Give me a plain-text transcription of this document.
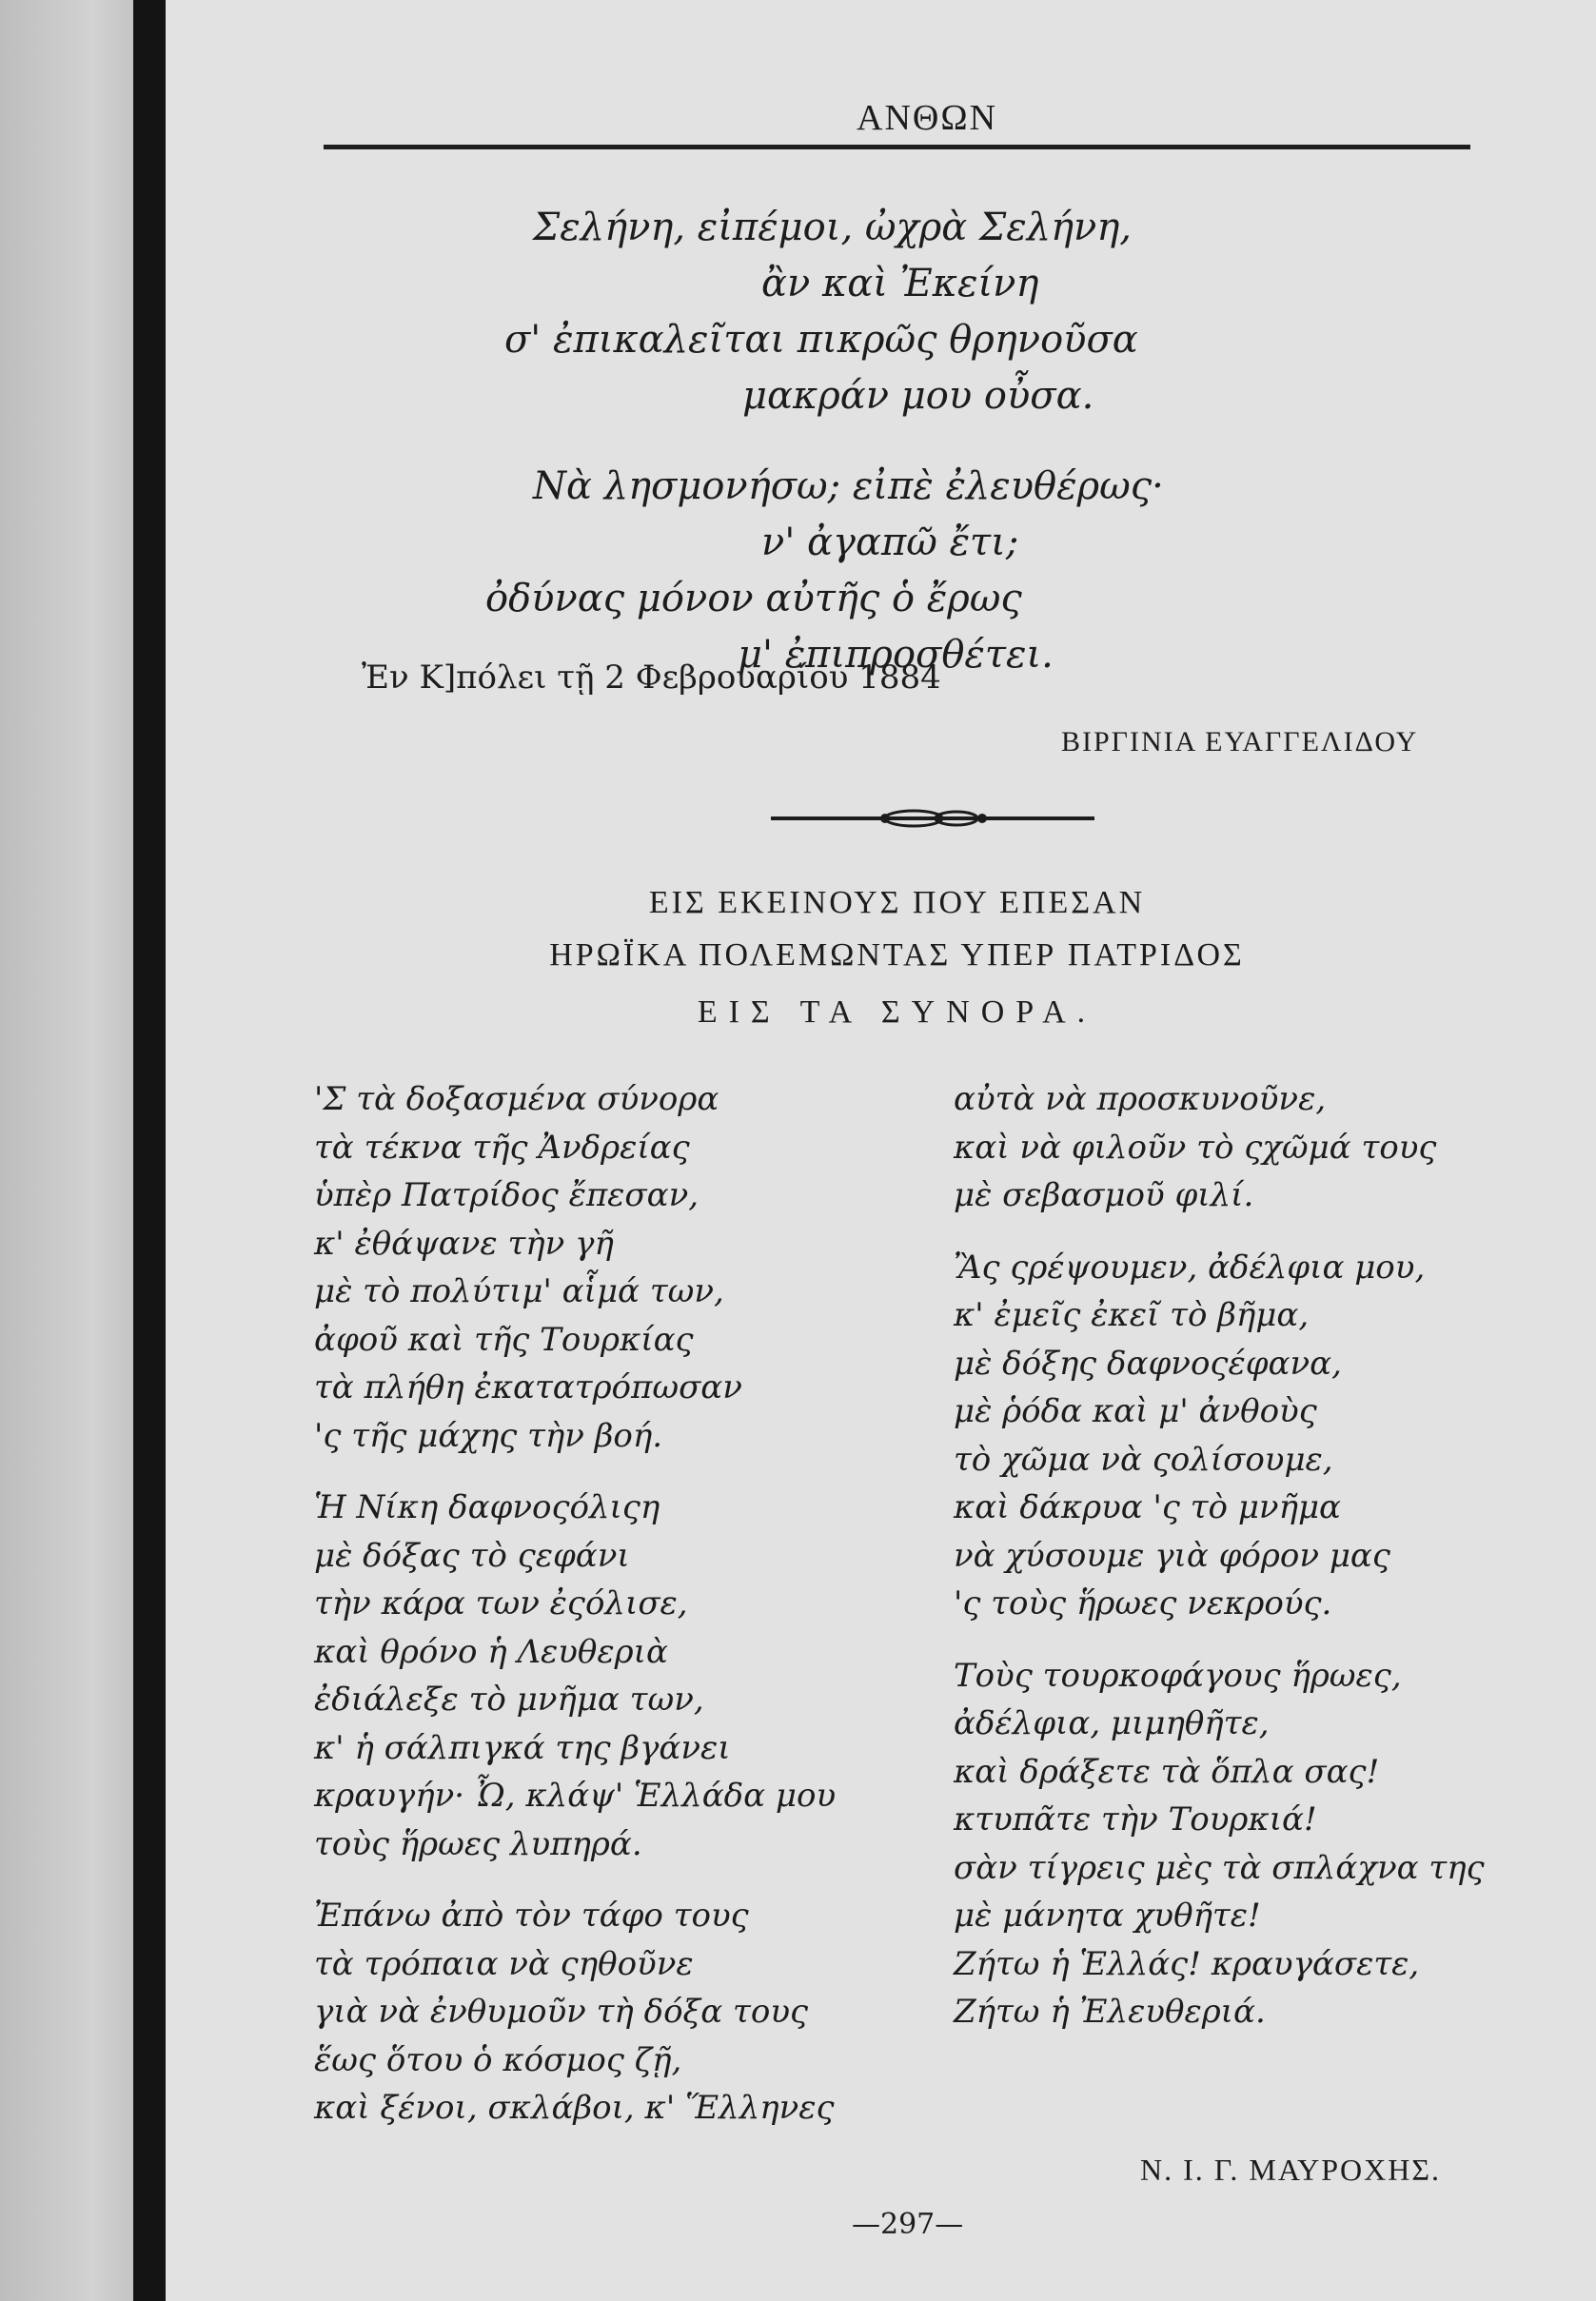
ΑΝΘΩΝ
Σελήνη, εἰπέμοι, ὠχρὰ Σελήνη,
ἂν καὶ Ἐκείνη
σ' ἐπικαλεῖται πικρῶς θρηνοῦσα
μακράν μου οὖσα.
Νὰ λησμονήσω; εἰπὲ ἐλευθέρως·
ν' ἀγαπῶ ἔτι;
ὀδύνας μόνον αὐτῆς ὁ ἔρως
μ' ἐπιπροσθέτει.
Ἐν Κ]πόλει τῇ 2 Φεβρουαρίου 1884
ΒΙΡΓΙΝΙΑ ΕΥΑΓΓΕΛΙΔΟΥ
ΕΙΣ ΕΚΕΙΝΟΥΣ ΠΟΥ ΕΠΕΣΑΝ
ΗΡΩΪΚΑ ΠΟΛΕΜΩΝΤΑΣ ΥΠΕΡ ΠΑΤΡΙΔΟΣ
ΕΙΣ ΤΑ ΣΥΝΟΡΑ.
'Σ τὰ δοξασμένα σύνορα
τὰ τέκνα τῆς Ἀνδρείας
ὑπὲρ Πατρίδος ἔπεσαν,
κ' ἐθάψανε τὴν γῆ
μὲ τὸ πολύτιμ' αἷμά των,
ἀφοῦ καὶ τῆς Τουρκίας
τὰ πλήθη ἐκατατρόπωσαν
'ς τῆς μάχης τὴν βοή.
Ἡ Νίκη δαφνοςόλιςη
μὲ δόξας τὸ ςεφάνι
τὴν κάρα των ἐςόλισε,
καὶ θρόνο ἡ Λευθεριὰ
ἐδιάλεξε τὸ μνῆμα των,
κ' ἡ σάλπιγκά της βγάνει
κραυγήν· Ὦ, κλάψ' Ἑλλάδα μου
τοὺς ἥρωες λυπηρά.
Ἐπάνω ἀπὸ τὸν τάφο τους
τὰ τρόπαια νὰ ςηθοῦνε
γιὰ νὰ ἐνθυμοῦν τὴ δόξα τους
ἕως ὅτου ὁ κόσμος ζῇ,
καὶ ξένοι, σκλάβοι, κ' Ἕλληνες
αὐτὰ νὰ προσκυνοῦνε,
καὶ νὰ φιλοῦν τὸ ςχῶμά τους
μὲ σεβασμοῦ φιλί.
Ἂς ςρέψουμεν, ἀδέλφια μου,
κ' ἐμεῖς ἐκεῖ τὸ βῆμα,
μὲ δόξης δαφνοςέφανα,
μὲ ῥόδα καὶ μ' ἀνθοὺς
τὸ χῶμα νὰ ςολίσουμε,
καὶ δάκρυα 'ς τὸ μνῆμα
νὰ χύσουμε γιὰ φόρον μας
'ς τοὺς ἥρωες νεκρούς.
Τοὺς τουρκοφάγους ἥρωες,
ἀδέλφια, μιμηθῆτε,
καὶ δράξετε τὰ ὅπλα σας!
κτυπᾶτε τὴν Τουρκιά!
σὰν τίγρεις μὲς τὰ σπλάχνα της
μὲ μάνητα χυθῆτε!
Ζήτω ἡ Ἑλλάς! κραυγάσετε,
Ζήτω ἡ Ἐλευθεριά.
Ν. Ι. Γ. ΜΑΥΡΟΧΗΣ.
—297—
